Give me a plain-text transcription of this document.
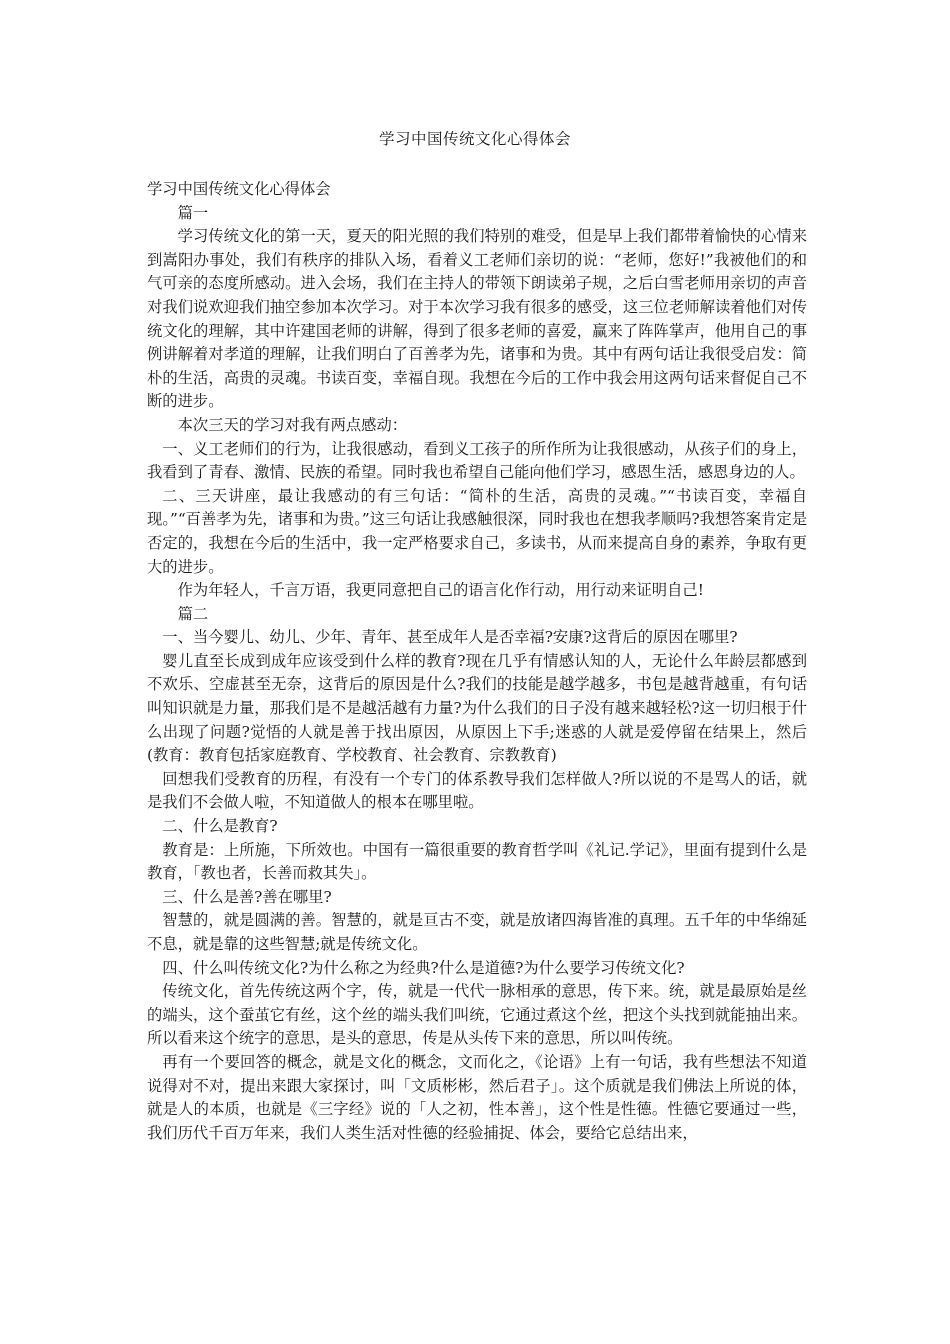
学习中国传统文化心得体会

学习中国传统文化心得体会

篇一

学习传统文化的第一天，夏天的阳光照的我们特别的难受，但是早上我们都带着愉快的心情来到嵩阳办事处，我们有秩序的排队入场，看着义工老师们亲切的说：“老师，您好!”我被他们的和气可亲的态度所感动。进入会场，我们在主持人的带领下朗读弟子规，之后白雪老师用亲切的声音对我们说欢迎我们抽空参加本次学习。对于本次学习我有很多的感受，这三位老师解读着他们对传统文化的理解，其中许建国老师的讲解，得到了很多老师的喜爱，赢来了阵阵掌声，他用自己的事例讲解着对孝道的理解，让我们明白了百善孝为先，诸事和为贵。其中有两句话让我很受启发：简朴的生活，高贵的灵魂。书读百变，幸福自现。我想在今后的工作中我会用这两句话来督促自己不断的进步。

本次三天的学习对我有两点感动：

一、义工老师们的行为，让我很感动，看到义工孩子的所作所为让我很感动，从孩子们的身上，我看到了青春、激情、民族的希望。同时我也希望自己能向他们学习，感恩生活，感恩身边的人。

二、三天讲座，最让我感动的有三句话：“简朴的生活，高贵的灵魂。”“书读百变，幸福自现。”“百善孝为先，诸事和为贵。”这三句话让我感触很深，同时我也在想我孝顺吗?我想答案肯定是否定的，我想在今后的生活中，我一定严格要求自己，多读书，从而来提高自身的素养，争取有更大的进步。

作为年轻人，千言万语，我更同意把自己的语言化作行动，用行动来证明自己!

篇二

一、当今婴儿、幼儿、少年、青年、甚至成年人是否幸福?安康?这背后的原因在哪里?

婴儿直至长成到成年应该受到什么样的教育?现在几乎有情感认知的人，无论什么年龄层都感到不欢乐、空虚甚至无奈，这背后的原因是什么?我们的技能是越学越多，书包是越背越重，有句话叫知识就是力量，那我们是不是越活越有力量?为什么我们的日子没有越来越轻松?这一切归根于什么出现了问题?觉悟的人就是善于找出原因，从原因上下手;迷惑的人就是爱停留在结果上，然后(教育：教育包括家庭教育、学校教育、社会教育、宗教教育)

回想我们受教育的历程，有没有一个专门的体系教导我们怎样做人?所以说的不是骂人的话，就是我们不会做人啦，不知道做人的根本在哪里啦。

二、什么是教育?

教育是：上所施，下所效也。中国有一篇很重要的教育哲学叫《礼记.学记》，里面有提到什么是教育，「教也者，长善而救其失」。

三、什么是善?善在哪里?

智慧的，就是圆满的善。智慧的，就是亘古不变，就是放诸四海皆准的真理。五千年的中华绵延不息，就是靠的这些智慧;就是传统文化。

四、什么叫传统文化?为什么称之为经典?什么是道德?为什么要学习传统文化?

传统文化，首先传统这两个字，传，就是一代代一脉相承的意思，传下来。统，就是最原始是丝的端头，这个蚕茧它有丝，这个丝的端头我们叫统，它通过煮这个丝，把这个头找到就能抽出来。所以看来这个统字的意思，是头的意思，传是从头传下来的意思，所以叫传统。

再有一个要回答的概念，就是文化的概念，文而化之，《论语》上有一句话，我有些想法不知道说得对不对，提出来跟大家探讨，叫「文质彬彬，然后君子」。这个质就是我们佛法上所说的体，就是人的本质，也就是《三字经》说的「人之初，性本善」，这个性是性德。性德它要通过一些，我们历代千百万年来，我们人类生活对性德的经验捕捉、体会，要给它总结出来，
